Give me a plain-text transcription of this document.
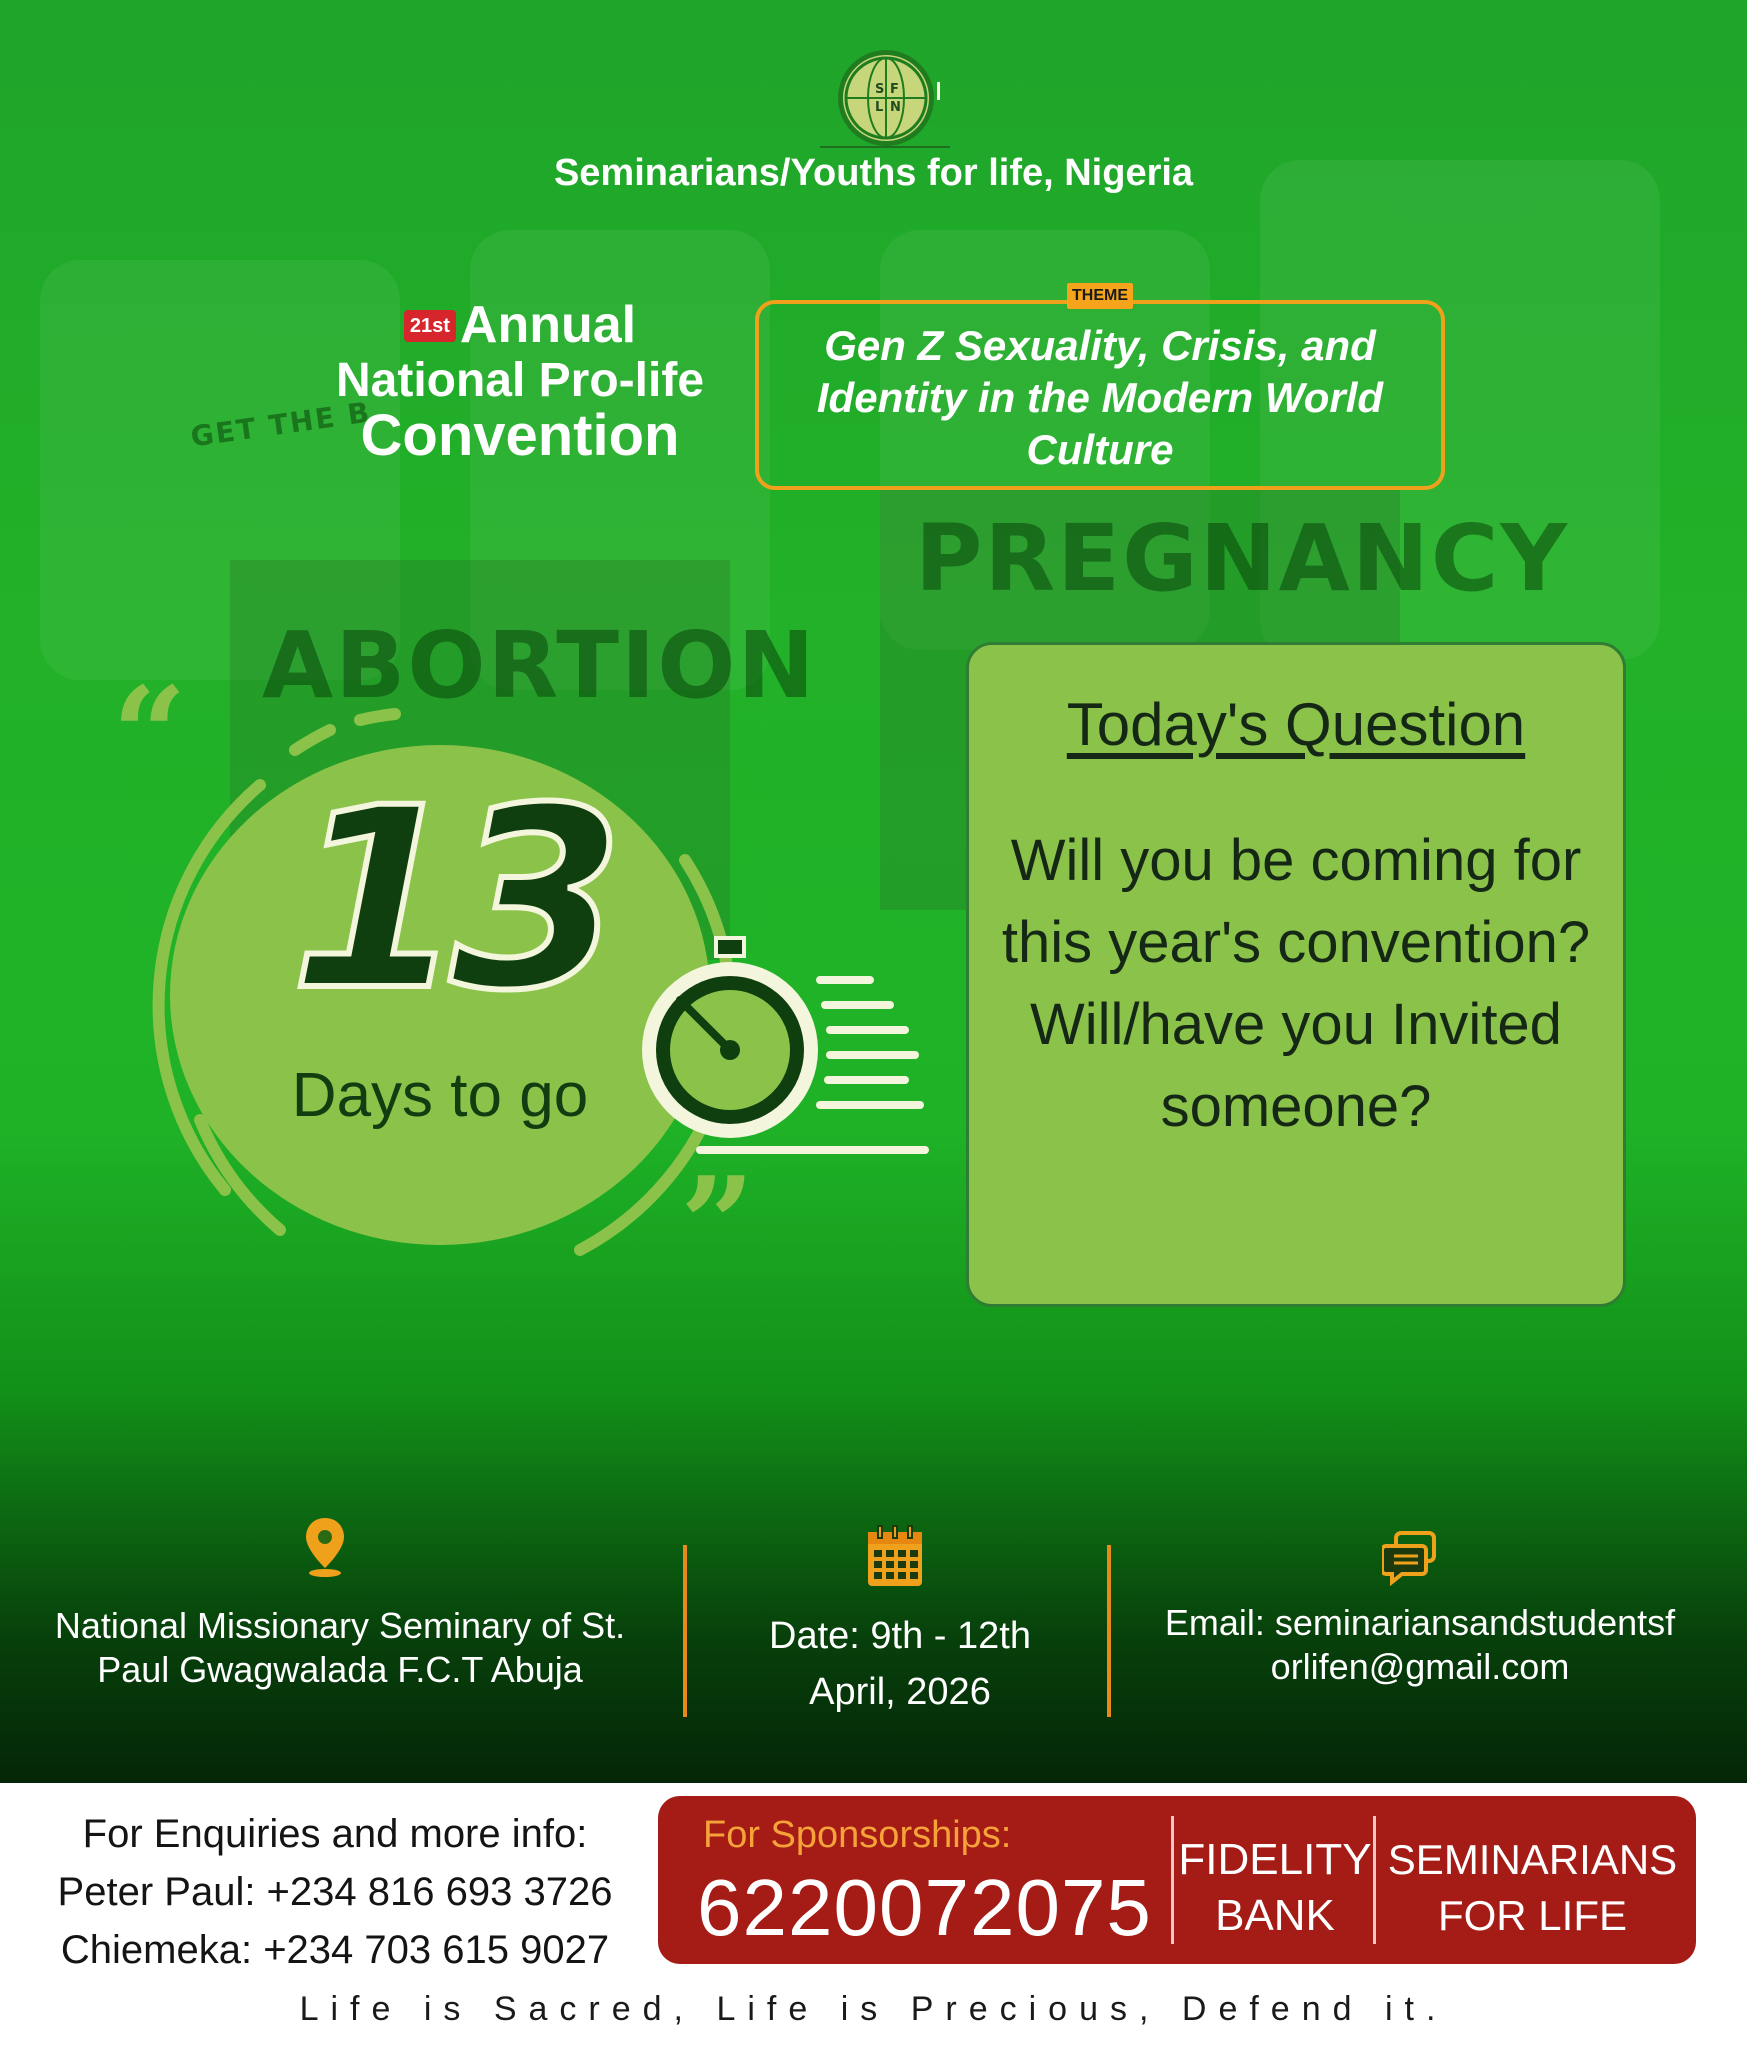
PREGNANCY
ABORTION
GET THE B
S F
L N
Seminarians/Youths for life, Nigeria
21st Annual
National Pro-life
Convention
THEME
Gen Z Sexuality, Crisis, and Identity in the Modern World Culture
“
”
13
Days to go
Today's Question
Will you be coming for this year's convention? Will/have you Invited someone?
National Missionary Seminary of St. Paul Gwagwalada F.C.T Abuja
Date: 9th - 12th April, 2026
Email: seminariansandstudentsforlifen@gmail.com
For Enquiries and more info:
Peter Paul: +234 816 693 3726
Chiemeka: +234 703 615 9027
For Sponsorships:
6220072075
FIDELITY BANK
SEMINARIANS FOR LIFE
Life is Sacred, Life is Precious, Defend it.
